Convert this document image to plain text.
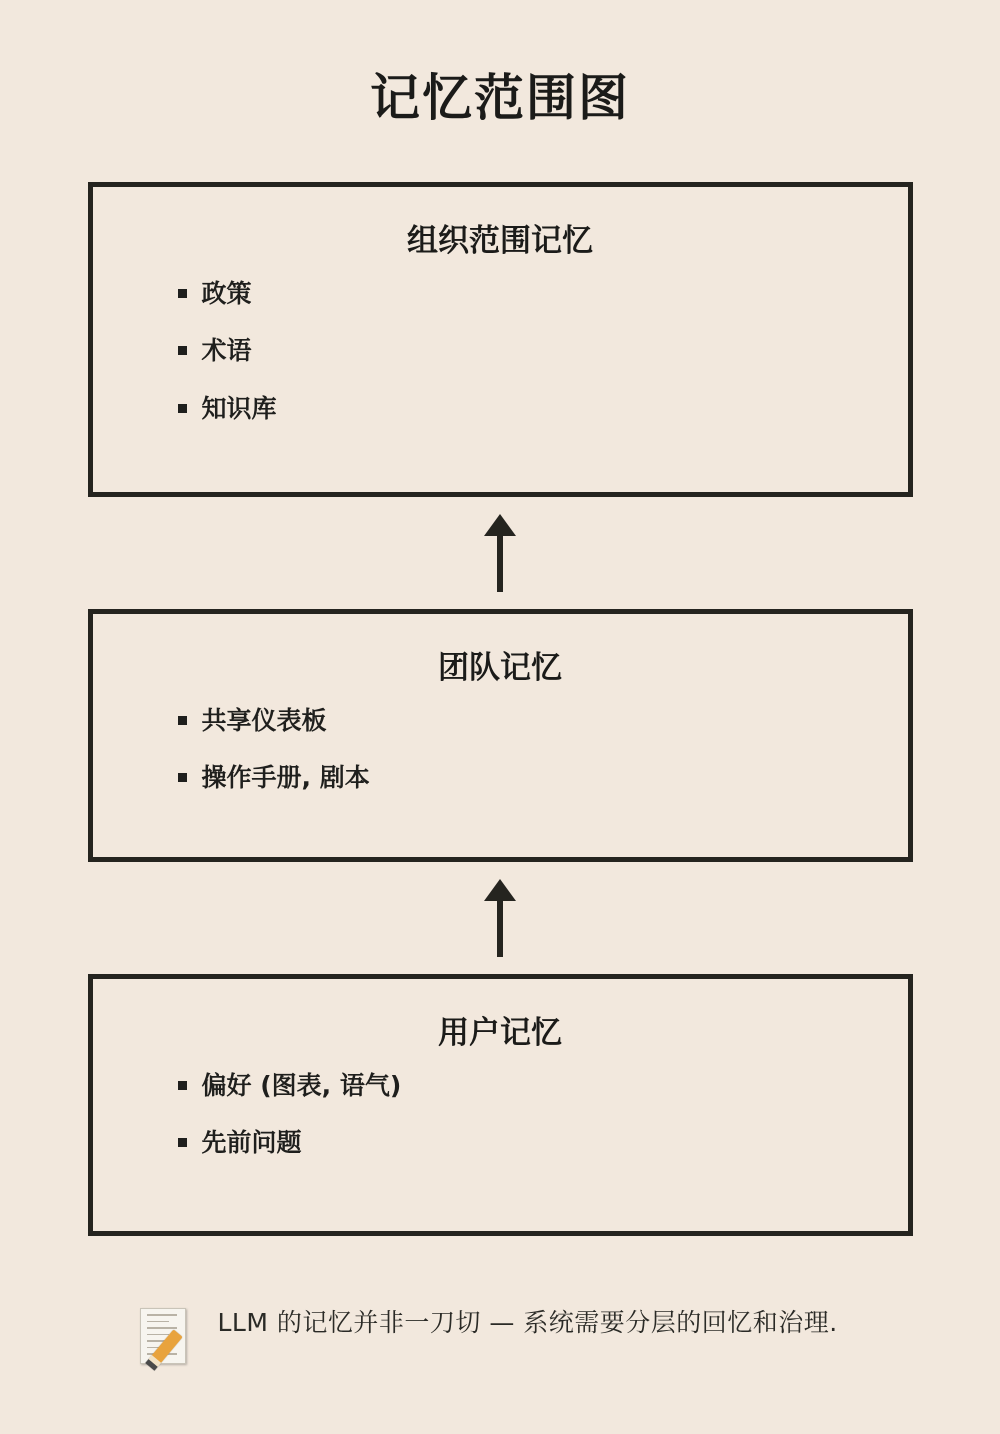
记忆范围图
组织范围记忆
政策
术语
知识库
团队记忆
共享仪表板
操作手册, 剧本
用户记忆
偏好 (图表, 语气)
先前问题
LLM 的记忆并非一刀切 — 系统需要分层的回忆和治理.
